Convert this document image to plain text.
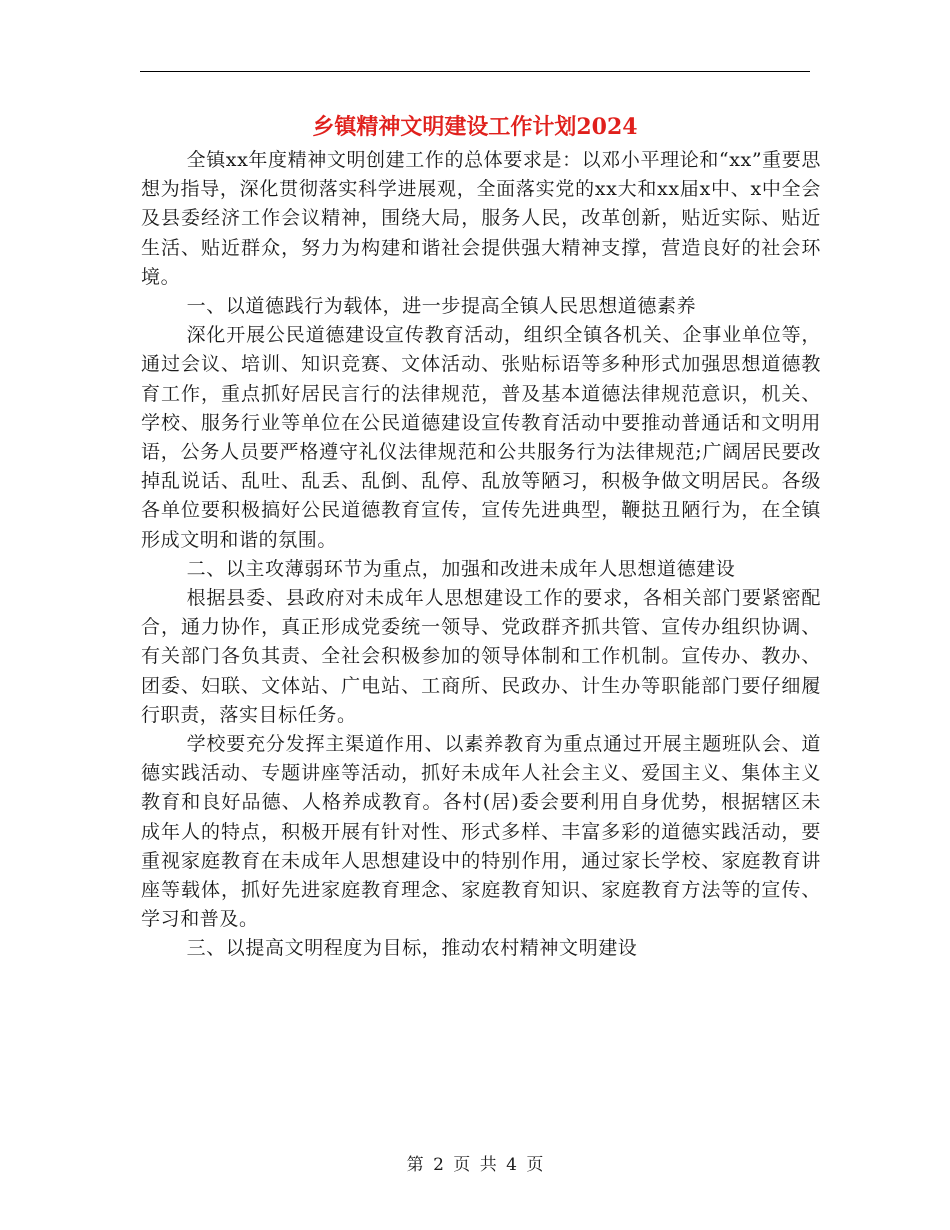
乡镇精神文明建设工作计划2024

全镇xx年度精神文明创建工作的总体要求是：以邓小平理论和“xx”重要思想为指导，深化贯彻落实科学进展观，全面落实党的xx大和xx届x中、x中全会及县委经济工作会议精神，围绕大局，服务人民，改革创新，贴近实际、贴近生活、贴近群众，努力为构建和谐社会提供强大精神支撑，营造良好的社会环境。

一、以道德践行为载体，进一步提高全镇人民思想道德素养

深化开展公民道德建设宣传教育活动，组织全镇各机关、企事业单位等，通过会议、培训、知识竞赛、文体活动、张贴标语等多种形式加强思想道德教育工作，重点抓好居民言行的法律规范，普及基本道德法律规范意识，机关、学校、服务行业等单位在公民道德建设宣传教育活动中要推动普通话和文明用语，公务人员要严格遵守礼仪法律规范和公共服务行为法律规范;广阔居民要改掉乱说话、乱吐、乱丢、乱倒、乱停、乱放等陋习，积极争做文明居民。各级各单位要积极搞好公民道德教育宣传，宣传先进典型，鞭挞丑陋行为，在全镇形成文明和谐的氛围。

二、以主攻薄弱环节为重点，加强和改进未成年人思想道德建设

根据县委、县政府对未成年人思想建设工作的要求，各相关部门要紧密配合，通力协作，真正形成党委统一领导、党政群齐抓共管、宣传办组织协调、有关部门各负其责、全社会积极参加的领导体制和工作机制。宣传办、教办、团委、妇联、文体站、广电站、工商所、民政办、计生办等职能部门要仔细履行职责，落实目标任务。

学校要充分发挥主渠道作用、以素养教育为重点通过开展主题班队会、道德实践活动、专题讲座等活动，抓好未成年人社会主义、爱国主义、集体主义教育和良好品德、人格养成教育。各村(居)委会要利用自身优势，根据辖区未成年人的特点，积极开展有针对性、形式多样、丰富多彩的道德实践活动，要重视家庭教育在未成年人思想建设中的特别作用，通过家长学校、家庭教育讲座等载体，抓好先进家庭教育理念、家庭教育知识、家庭教育方法等的宣传、学习和普及。

三、以提高文明程度为目标，推动农村精神文明建设

第 2 页 共 4 页
